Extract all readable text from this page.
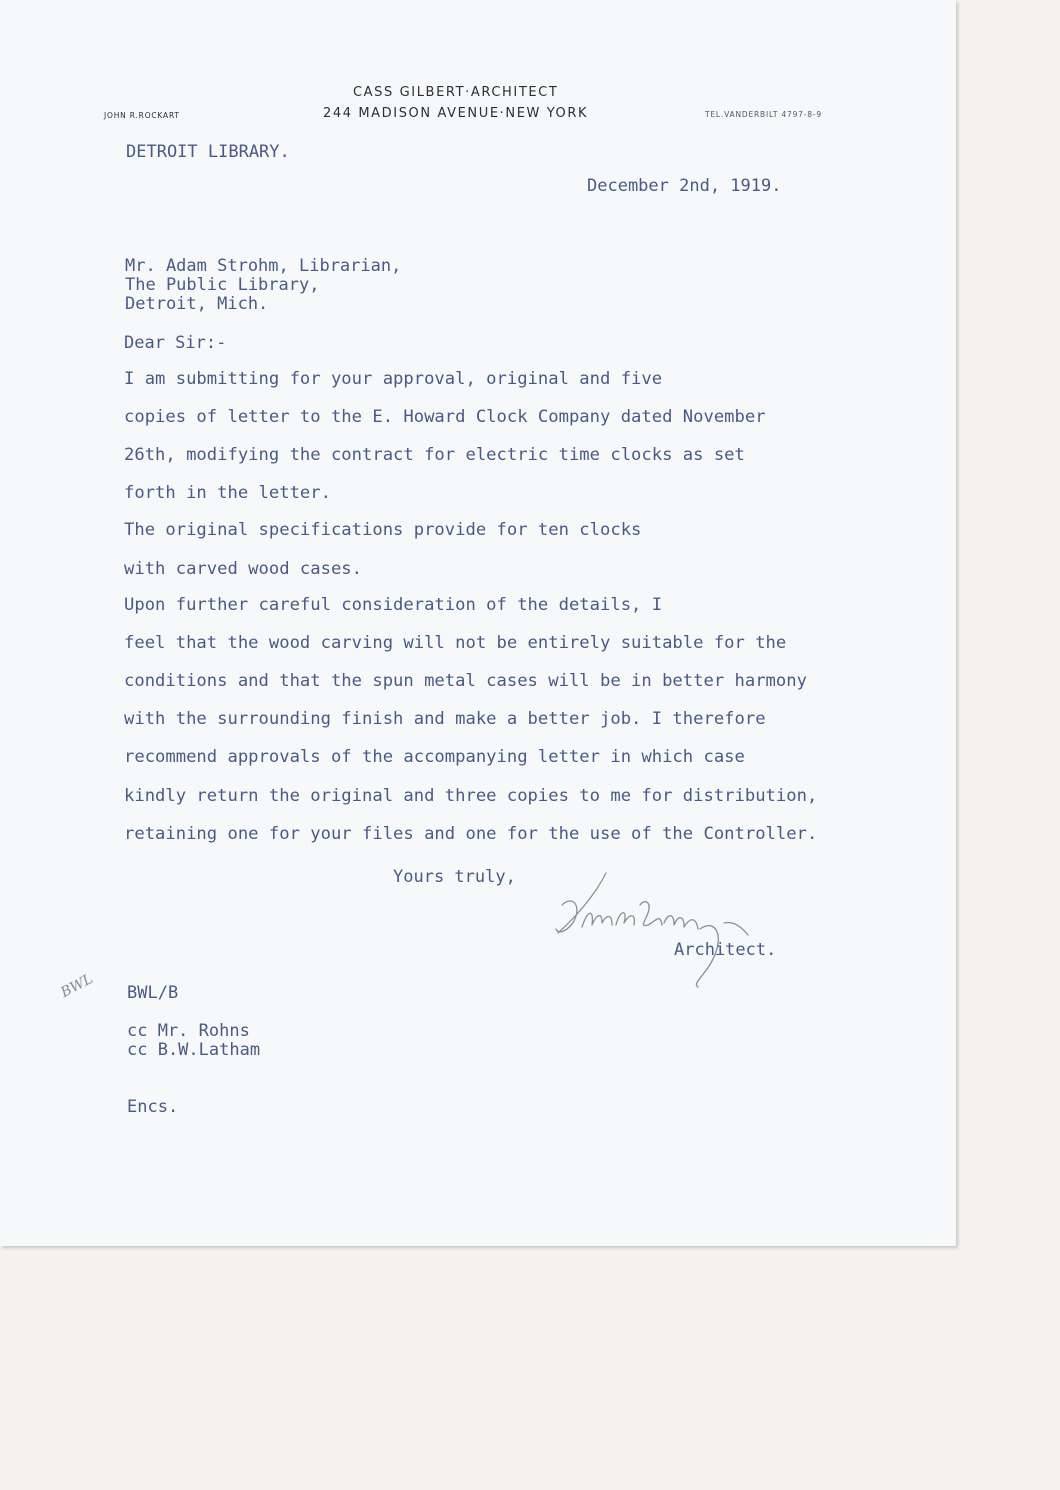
CASS GILBERT·ARCHITECT
244 MADISON AVENUE·NEW YORK
JOHN R.ROCKART	TEL.VANDERBILT 4797-8-9
DETROIT LIBRARY.
December 2nd, 1919.
Mr. Adam Strohm, Librarian,
The Public Library,
Detroit, Mich.
Dear Sir:-
I am submitting for your approval, original and five
copies of letter to the E. Howard Clock Company dated November
26th, modifying the contract for electric time clocks as set
forth in the letter.
The original specifications provide for ten clocks
with carved wood cases.
Upon further careful consideration of the details, I
feel that the wood carving will not be entirely suitable for the
conditions and that the spun metal cases will be in better harmony
with the surrounding finish and make a better job. I therefore
recommend approvals of the accompanying letter in which case
kindly return the original and three copies to me for distribution,
retaining one for your files and one for the use of the Controller.
Yours truly,
Architect.
BWL BWL/B
cc Mr. Rohns
cc B.W.Latham
Encs.
